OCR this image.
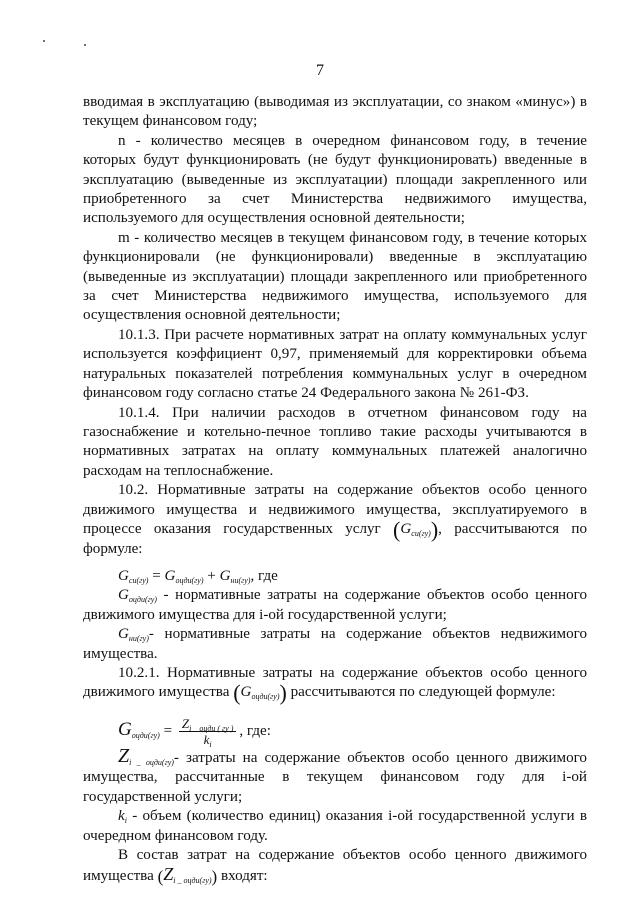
7

вводимая в эксплуатацию (выводимая из эксплуатации, со знаком «минус») в текущем финансовом году;

n - количество месяцев в очередном финансовом году, в течение которых будут функционировать (не будут функционировать) введенные в эксплуатацию (выведенные из эксплуатации) площади закрепленного или приобретенного за счет Министерства недвижимого имущества, используемого для осуществления основной деятельности;

m - количество месяцев в текущем финансовом году, в течение которых функционировали (не функционировали) введенные в эксплуатацию (выведенные из эксплуатации) площади закрепленного или приобретенного за счет Министерства недвижимого имущества, используемого для осуществления основной деятельности;

10.1.3. При расчете нормативных затрат на оплату коммунальных услуг используется коэффициент 0,97, применяемый для корректировки объема натуральных показателей потребления коммунальных услуг в очередном финансовом году согласно статье 24 Федерального закона № 261-ФЗ.

10.1.4. При наличии расходов в отчетном финансовом году на газоснабжение и котельно-печное топливо такие расходы учитываются в нормативных затратах на оплату коммунальных платежей аналогично расходам на теплоснабжение.

10.2. Нормативные затраты на содержание объектов особо ценного движимого имущества и недвижимого имущества, эксплуатируемого в процессе оказания государственных услуг $(G_{си(гу)})$, рассчитываются по формуле:

$G_{си(гу)} = G_{оцди(гу)} + G_{ни(гу)}$, где

$G_{оцди(гу)}$ - нормативные затраты на содержание объектов особо ценного движимого имущества для i-ой государственной услуги;

$G_{ни(гу)}-$ нормативные затраты на содержание объектов недвижимого имущества.

10.2.1. Нормативные затраты на содержание объектов особо ценного движимого имущества $(G_{оцди(гу)})$ рассчитываются по следующей формуле:

$G_{оцди(гу)} = \frac{Z_{i \_ оцди ( гу )}}{k_i}$ , где:

$Z_{i \_ оцди(гу)}-$ затраты на содержание объектов особо ценного движимого имущества, рассчитанные в текущем финансовом году для i-ой государственной услуги;

$k_i$ - объем (количество единиц) оказания i-ой государственной услуги в очередном финансовом году.

В состав затрат на содержание объектов особо ценного движимого имущества $(Z_{i \_ оцди(гу)})$ входят:
